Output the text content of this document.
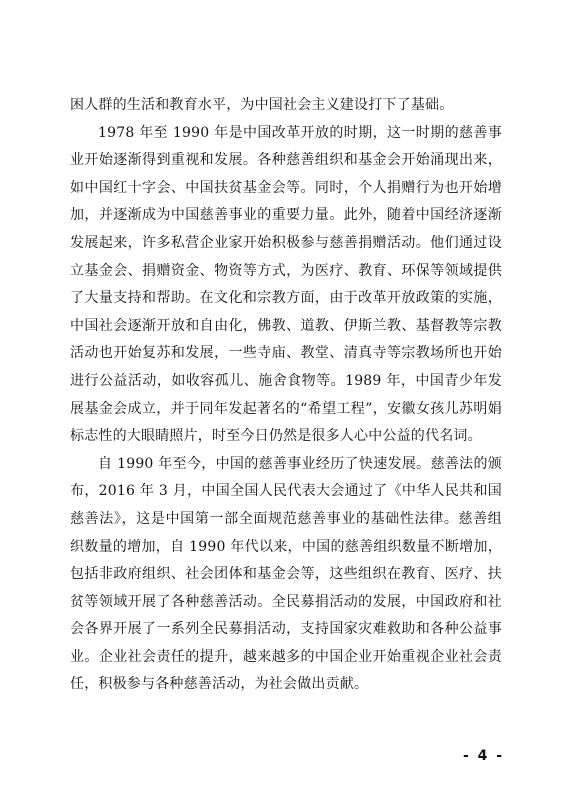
困人群的生活和教育水平，为中国社会主义建设打下了基础。

1978 年至 1990 年是中国改革开放的时期，这一时期的慈善事业开始逐渐得到重视和发展。各种慈善组织和基金会开始涌现出来，如中国红十字会、中国扶贫基金会等。同时，个人捐赠行为也开始增加，并逐渐成为中国慈善事业的重要力量。此外，随着中国经济逐渐发展起来，许多私营企业家开始积极参与慈善捐赠活动。他们通过设立基金会、捐赠资金、物资等方式，为医疗、教育、环保等领域提供了大量支持和帮助。在文化和宗教方面，由于改革开放政策的实施，中国社会逐渐开放和自由化，佛教、道教、伊斯兰教、基督教等宗教活动也开始复苏和发展，一些寺庙、教堂、清真寺等宗教场所也开始进行公益活动，如收容孤儿、施舍食物等。1989 年，中国青少年发展基金会成立，并于同年发起著名的“希望工程”，安徽女孩儿苏明娟标志性的大眼睛照片，时至今日仍然是很多人心中公益的代名词。

自 1990 年至今，中国的慈善事业经历了快速发展。慈善法的颁布，2016 年 3 月，中国全国人民代表大会通过了《中华人民共和国慈善法》，这是中国第一部全面规范慈善事业的基础性法律。慈善组织数量的增加，自 1990 年代以来，中国的慈善组织数量不断增加，包括非政府组织、社会团体和基金会等，这些组织在教育、医疗、扶贫等领域开展了各种慈善活动。全民募捐活动的发展，中国政府和社会各界开展了一系列全民募捐活动，支持国家灾难救助和各种公益事业。企业社会责任的提升，越来越多的中国企业开始重视企业社会责任，积极参与各种慈善活动，为社会做出贡献。

- 4 -
